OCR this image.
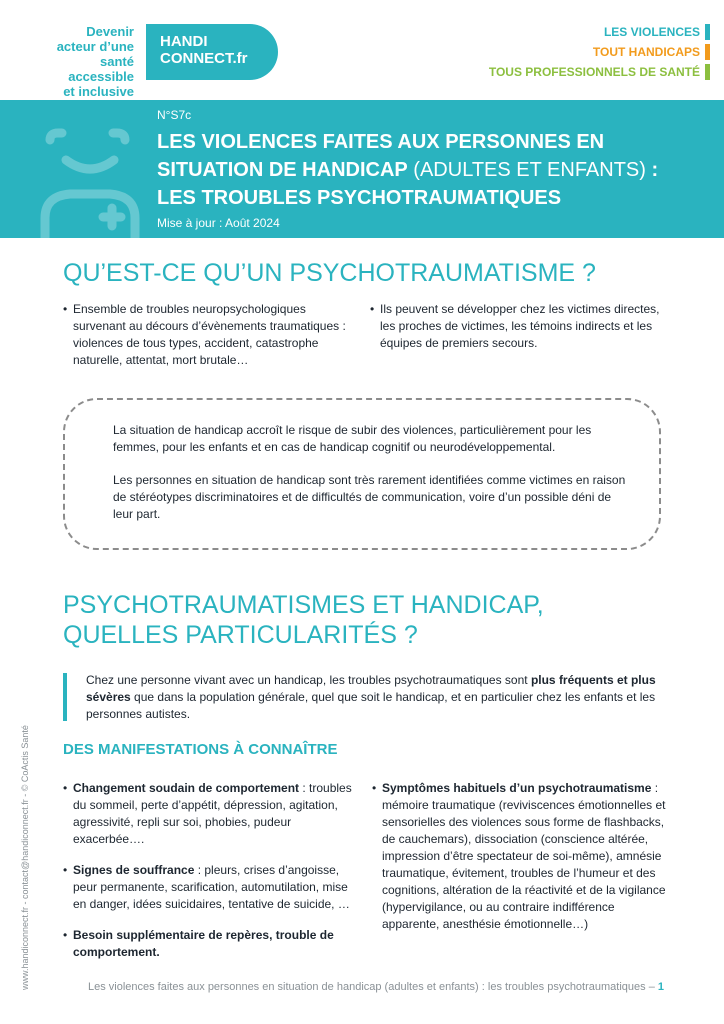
Devenir
acteur d’une
santé accessible
et inclusive
HANDI
CONNECT.fr
LES VIOLENCES
TOUT HANDICAPS
TOUS PROFESSIONNELS DE SANTÉ
N°S7c
LES VIOLENCES FAITES AUX PERSONNES EN SITUATION DE HANDICAP (ADULTES ET ENFANTS) : LES TROUBLES PSYCHOTRAUMATIQUES
Mise à jour : Août 2024
QU’EST-CE QU’UN PSYCHOTRAUMATISME ?
• Ensemble de troubles neuropsychologiques survenant au décours d’évènements traumatiques : violences de tous types, accident, catastrophe naturelle, attentat, mort brutale…
• Ils peuvent se développer chez les victimes directes, les proches de victimes, les témoins indirects et les équipes de premiers secours.

La situation de handicap accroît le risque de subir des violences, particulièrement pour les femmes, pour les enfants et en cas de handicap cognitif ou neurodéveloppemental.

Les personnes en situation de handicap sont très rarement identifiées comme victimes en raison de stéréotypes discriminatoires et de difficultés de communication, voire d’un possible déni de leur part.

PSYCHOTRAUMATISMES ET HANDICAP,
QUELLES PARTICULARITÉS ?
Chez une personne vivant avec un handicap, les troubles psychotraumatiques sont plus fréquents et plus sévères que dans la population générale, quel que soit le handicap, et en particulier chez les enfants et les personnes autistes.
DES MANIFESTATIONS À CONNAÎTRE
• Changement soudain de comportement : troubles du sommeil, perte d’appétit, dépression, agitation, agressivité, repli sur soi, phobies, pudeur exacerbée….
• Signes de souffrance : pleurs, crises d’angoisse, peur permanente, scarification, automutilation, mise en danger, idées suicidaires, tentative de suicide, …
• Besoin supplémentaire de repères, trouble de comportement.
• Symptômes habituels d’un psychotraumatisme : mémoire traumatique (reviviscences émotionnelles et sensorielles des violences sous forme de flashbacks, de cauchemars), dissociation (conscience altérée, impression d’être spectateur de soi-même), amnésie traumatique, évitement, troubles de l’humeur et des cognitions, altération de la réactivité et de la vigilance (hypervigilance, ou au contraire indifférence apparente, anesthésie émotionnelle…)
Les violences faites aux personnes en situation de handicap (adultes et enfants) : les troubles psychotraumatiques – 1
www.handiconnect.fr - contact@handiconnect.fr - © CoActis Santé
